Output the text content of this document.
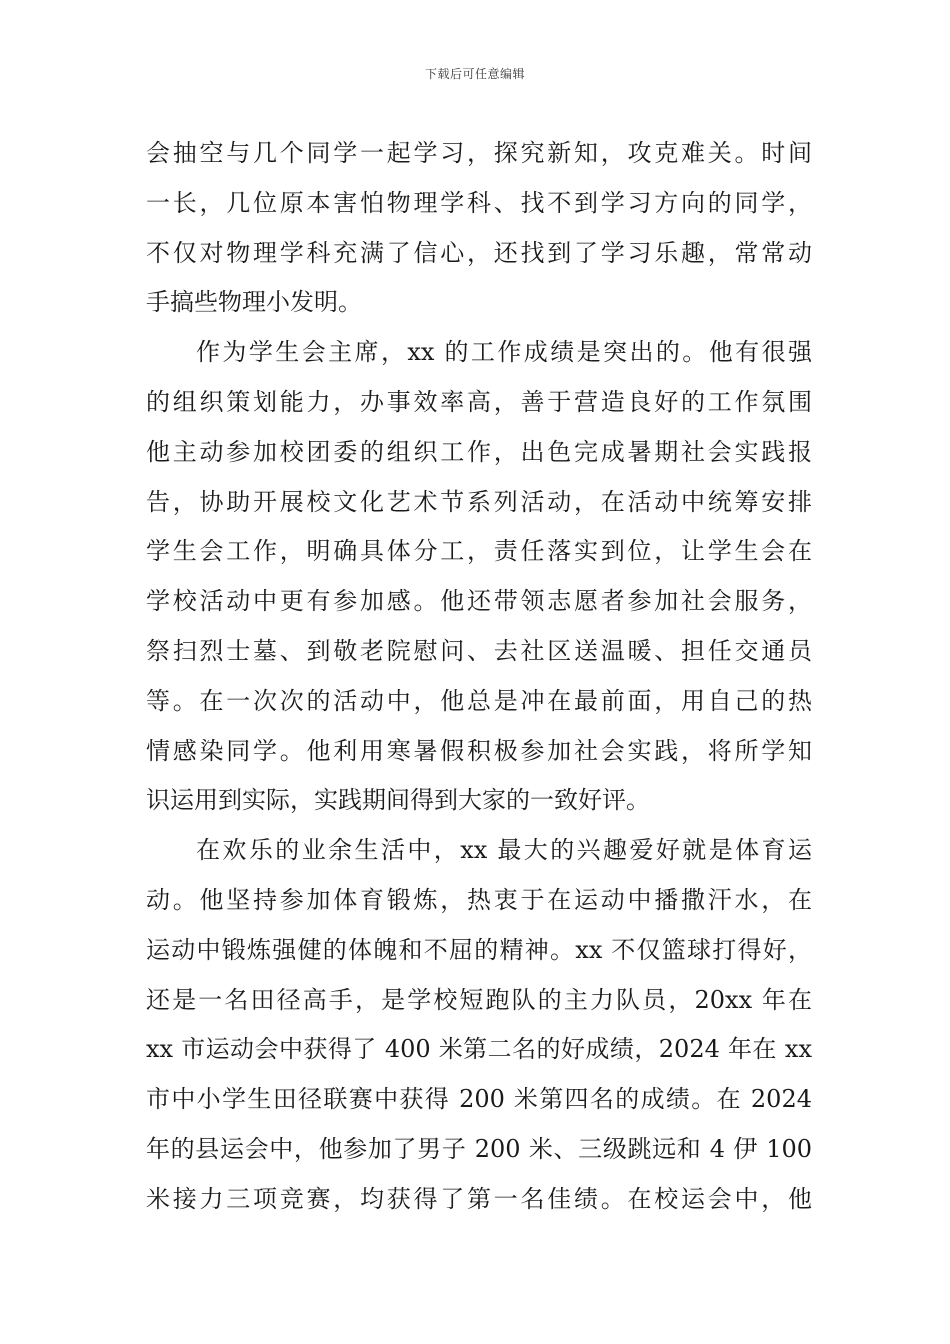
下载后可任意编辑
会抽空与几个同学一起学习，探究新知，攻克难关。时间
一长，几位原本害怕物理学科、找不到学习方向的同学，
不仅对物理学科充满了信心，还找到了学习乐趣，常常动
手搞些物理小发明。
作为学生会主席，xx 的工作成绩是突出的。他有很强
的组织策划能力，办事效率高，善于营造良好的工作氛围
他主动参加校团委的组织工作，出色完成暑期社会实践报
告，协助开展校文化艺术节系列活动，在活动中统筹安排
学生会工作，明确具体分工，责任落实到位，让学生会在
学校活动中更有参加感。他还带领志愿者参加社会服务，
祭扫烈士墓、到敬老院慰问、去社区送温暖、担任交通员
等。在一次次的活动中，他总是冲在最前面，用自己的热
情感染同学。他利用寒暑假积极参加社会实践，将所学知
识运用到实际，实践期间得到大家的一致好评。
在欢乐的业余生活中，xx 最大的兴趣爱好就是体育运
动。他坚持参加体育锻炼，热衷于在运动中播撒汗水，在
运动中锻炼强健的体魄和不屈的精神。xx 不仅篮球打得好，
还是一名田径高手，是学校短跑队的主力队员，20xx 年在
xx 市运动会中获得了 400 米第二名的好成绩，2024 年在 xx
市中小学生田径联赛中获得 200 米第四名的成绩。在 2024
年的县运会中，他参加了男子 200 米、三级跳远和 4 伊 100
米接力三项竞赛，均获得了第一名佳绩。在校运会中，他
